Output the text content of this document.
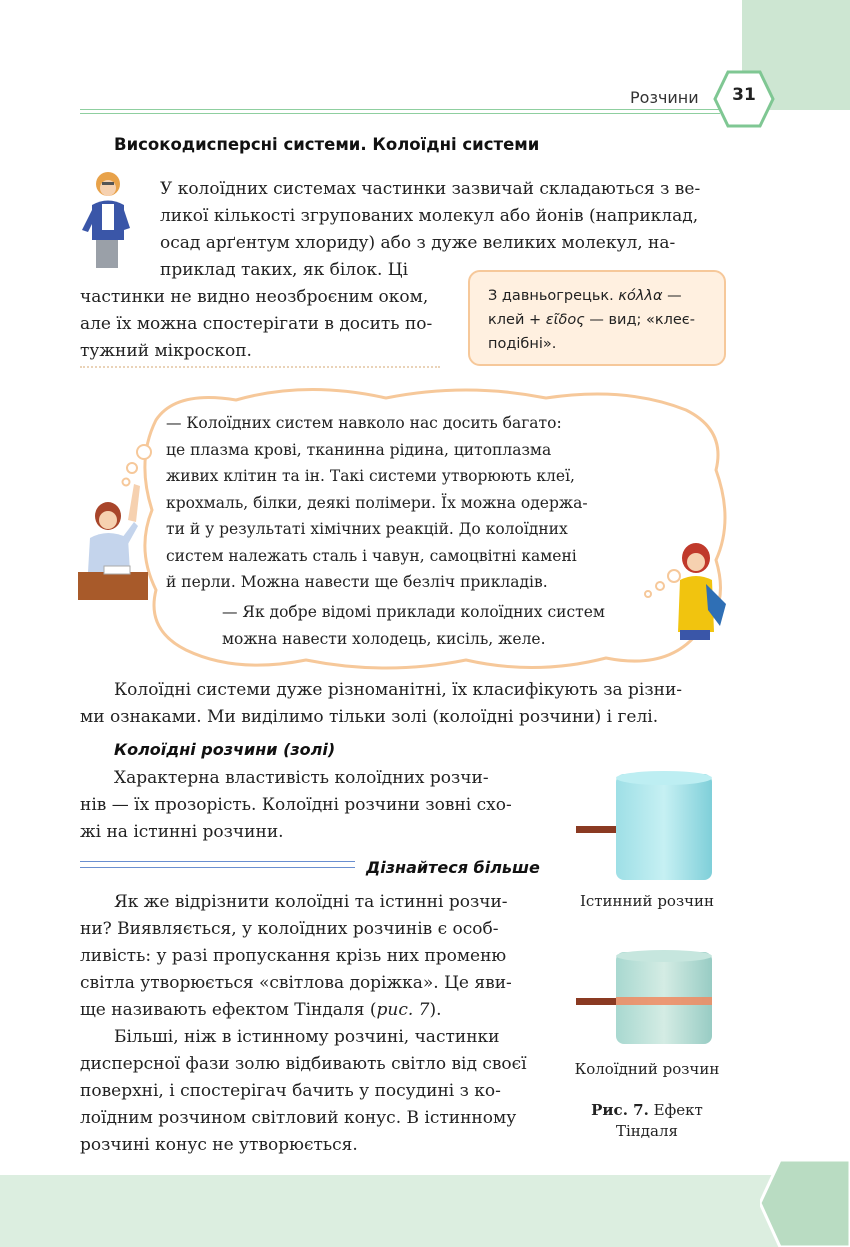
Розчини	31
Високодисперсні системи. Колоїдні системи
У колоїдних системах частинки зазвичай складаються з ве-
ликої кількості згрупованих молекул або йонів (наприклад,
осад арґентум хлориду) або з дуже великих молекул, на-
приклад таких, як білок. Ці
частинки не видно неозброєним оком,
але їх можна спостерігати в досить по-
тужний мікроскоп.
З давньогрецьк. κόλλα —
клей + εῖδος — вид; «клеє-
подібні».
— Колоїдних систем навколо нас досить багато:
це плазма крові, тканинна рідина, цитоплазма
живих клітин та ін. Такі системи утворюють клеї,
крохмаль, білки, деякі полімери. Їх можна одержа-
ти й у результаті хімічних реакцій. До колоїдних
систем належать сталь і чавун, самоцвітні камені
й перли. Можна навести ще безліч прикладів.
— Як добре відомі приклади колоїдних систем
можна навести холодець, кисіль, желе.
Колоїдні системи дуже різноманітні, їх класифікують за різни-
ми ознаками. Ми виділимо тільки золі (колоїдні розчини) і гелі.
Колоїдні розчини (золі)
Характерна властивість колоїдних розчи-
нів — їх прозорість. Колоїдні розчини зовні схо-
жі на істинні розчини.
Дізнайтеся більше
Як же відрізнити колоїдні та істинні розчи-
ни? Виявляється, у колоїдних розчинів є особ-
ливість: у разі пропускання крізь них променю
світла утворюється «світлова доріжка». Це яви-
ще називають ефектом Тіндаля (рис. 7).
Більші, ніж в істинному розчині, частинки
дисперсної фази золю відбивають світло від своєї
поверхні, і спостерігач бачить у посудині з ко-
лоїдним розчином світловий конус. В істинному
розчині конус не утворюється.
Істинний розчин
Колоїдний розчин
Рис. 7. Ефект
Тіндаля
